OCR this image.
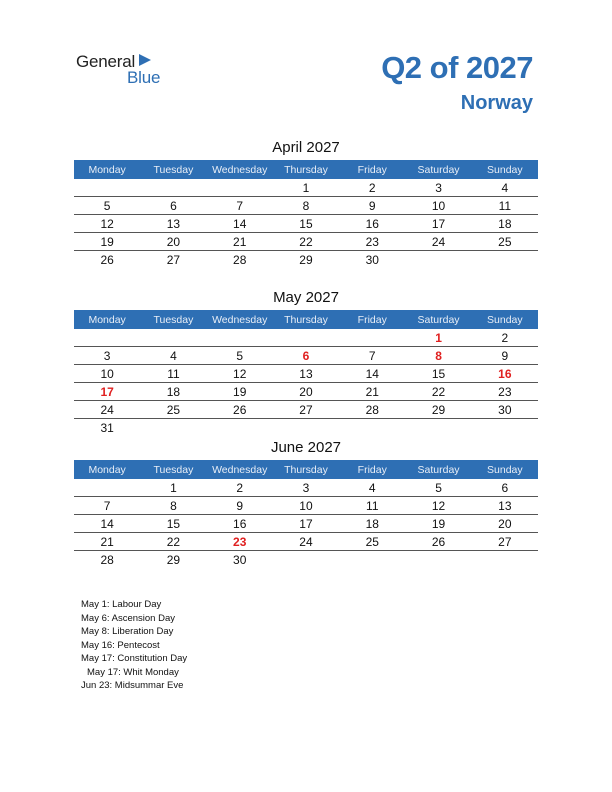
General
Blue	Q2 of 2027
Norway
April 2027
Monday	Tuesday	Wednesday	Thursday	Friday	Saturday	Sunday
			1	2	3	4
5	6	7	8	9	10	11
12	13	14	15	16	17	18
19	20	21	22	23	24	25
26	27	28	29	30		
May 2027
Monday	Tuesday	Wednesday	Thursday	Friday	Saturday	Sunday
					1	2
3	4	5	6	7	8	9
10	11	12	13	14	15	16
17	18	19	20	21	22	23
24	25	26	27	28	29	30
31						
June 2027
Monday	Tuesday	Wednesday	Thursday	Friday	Saturday	Sunday
	1	2	3	4	5	6
7	8	9	10	11	12	13
14	15	16	17	18	19	20
21	22	23	24	25	26	27
28	29	30				
May 1: Labour Day
May 6: Ascension Day
May 8: Liberation Day
May 16: Pentecost
May 17: Constitution Day
May 17: Whit Monday
Jun 23: Midsummar Eve
